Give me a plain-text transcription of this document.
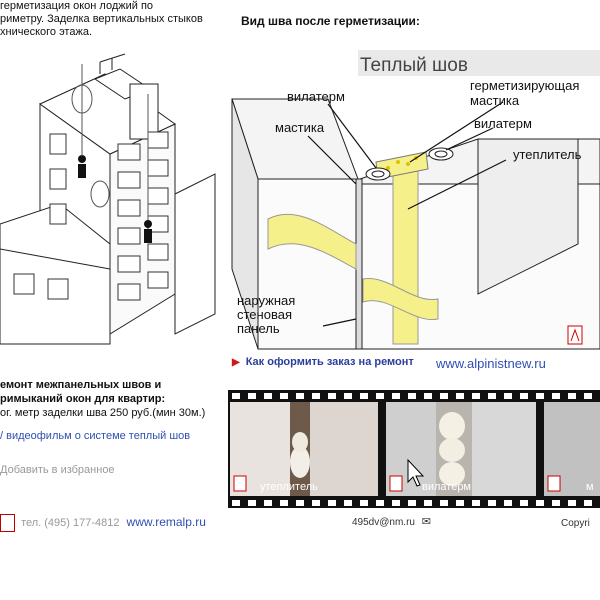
герметизация окон лоджий по
риметру. Заделка вертикальных стыков
хнического этажа.
Вид шва после герметизации:
Теплый шов
вилатерм
мастика
герметизирующая
мастика
вилатерм
утеплитель
наружная
стеновая
панель
▶ Как оформить заказ на ремонт www.alpinistnew.ru
емонт межпанельных швов и
римыканий окон для квартир:
ог. метр заделки шва 250 руб.(мин 30м.)
/ видеофильм о системе теплый шов
Добавить в избранное
утеплитель	вилатерм	м
тел. (495) 177-4812 www.remalp.ru	495dv@nm.ru ✉	Copyri
